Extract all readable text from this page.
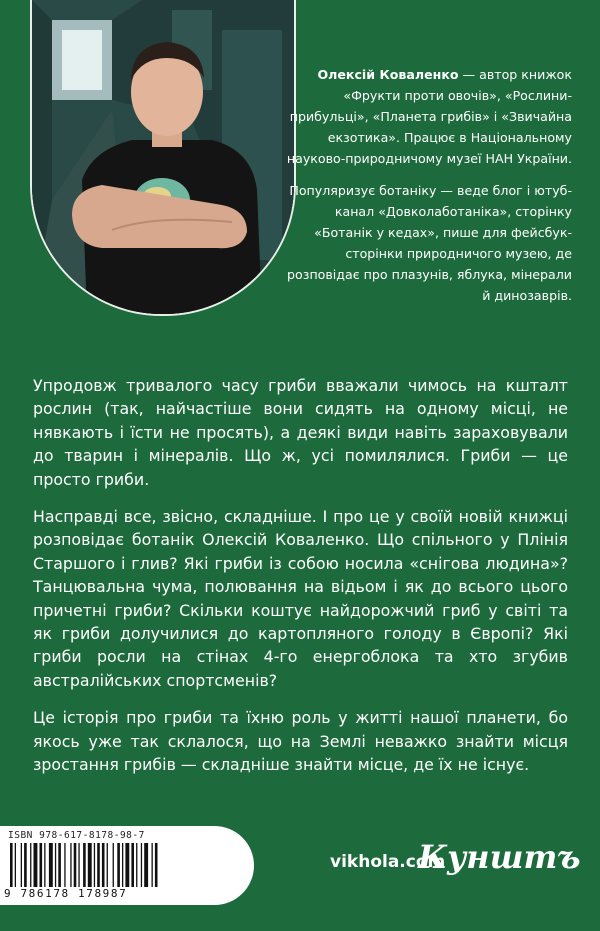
Олексій Коваленко — автор книжок «Фрукти проти овочів», «Рослини-прибульці», «Планета грибів» і «Звичайна екзотика». Працює в Національному науково-природничому музеї НАН України.

Популяризує ботаніку — веде блог і ютуб-канал «Довколаботаніка», сторінку «Ботанік у кедах», пише для фейсбук-сторінки природничого музею, де розповідає про плазунів, яблука, мінерали й динозаврів.

Упродовж тривалого часу гриби вважали чимось на кшталт рослин (так, найчастіше вони сидять на одному місці, не нявкають і їсти не просять), а деякі види навіть зараховували до тварин і мінералів. Що ж, усі помилялися. Гриби — це просто гриби.

Насправді все, звісно, складніше. І про це у своїй новій книжці розповідає ботанік Олексій Коваленко. Що спільного у Плінія Старшого і глив? Які гриби із собою носила «снігова людина»? Танцювальна чума, полювання на відьом і як до всього цього причетні гриби? Скільки коштує найдорожчий гриб у світі та як гриби долучилися до картопляного голоду в Європі? Які гриби росли на стінах 4-го енергоблока та хто згубив австралійських спортсменів?

Це історія про гриби та їхню роль у житті нашої планети, бо якось уже так склалося, що на Землі неважко знайти місця зростання грибів — складніше знайти місце, де їх не існує.

ISBN 978-617-8178-98-7
9 786178 178987
vikhola.com
Кунштъ
